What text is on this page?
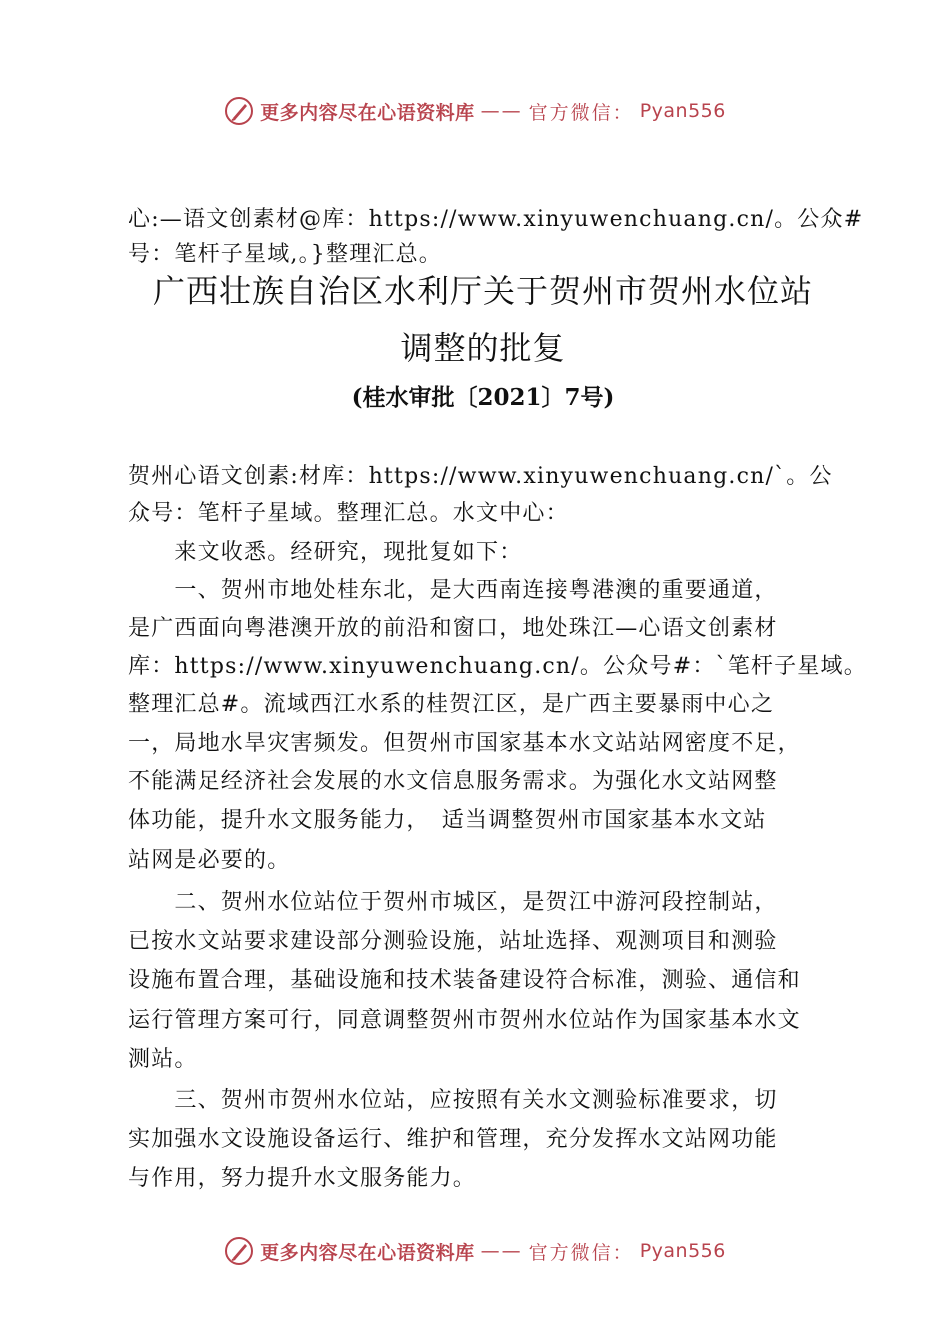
更多内容尽在心语资料库 —— 官方微信： Pyan556
心:—语文创素材@库：https://www.xinyuwenchuang.cn/。公众#
号：笔杆子星域,。}整理汇总。
广西壮族自治区水利厅关于贺州市贺州水位站
调整的批复
(桂水审批〔2021〕7号)
贺州心语文创素:材库：https://www.xinyuwenchuang.cn/`。公
众号：笔杆子星域。整理汇总。水文中心：
　　来文收悉。经研究，现批复如下：
　　一、贺州市地处桂东北，是大西南连接粤港澳的重要通道，
是广西面向粤港澳开放的前沿和窗口，地处珠江—心语文创素材
库：https://www.xinyuwenchuang.cn/。公众号#：`笔杆子星域。
整理汇总#。流域西江水系的桂贺江区，是广西主要暴雨中心之
一，局地水旱灾害频发。但贺州市国家基本水文站站网密度不足，
不能满足经济社会发展的水文信息服务需求。为强化水文站网整
体功能，提升水文服务能力，　适当调整贺州市国家基本水文站
站网是必要的。
　　二、贺州水位站位于贺州市城区，是贺江中游河段控制站，
已按水文站要求建设部分测验设施，站址选择、观测项目和测验
设施布置合理，基础设施和技术装备建设符合标准，测验、通信和
运行管理方案可行，同意调整贺州市贺州水位站作为国家基本水文
测站。
　　三、贺州市贺州水位站，应按照有关水文测验标准要求，切
实加强水文设施设备运行、维护和管理，充分发挥水文站网功能
与作用，努力提升水文服务能力。
更多内容尽在心语资料库 —— 官方微信： Pyan556
